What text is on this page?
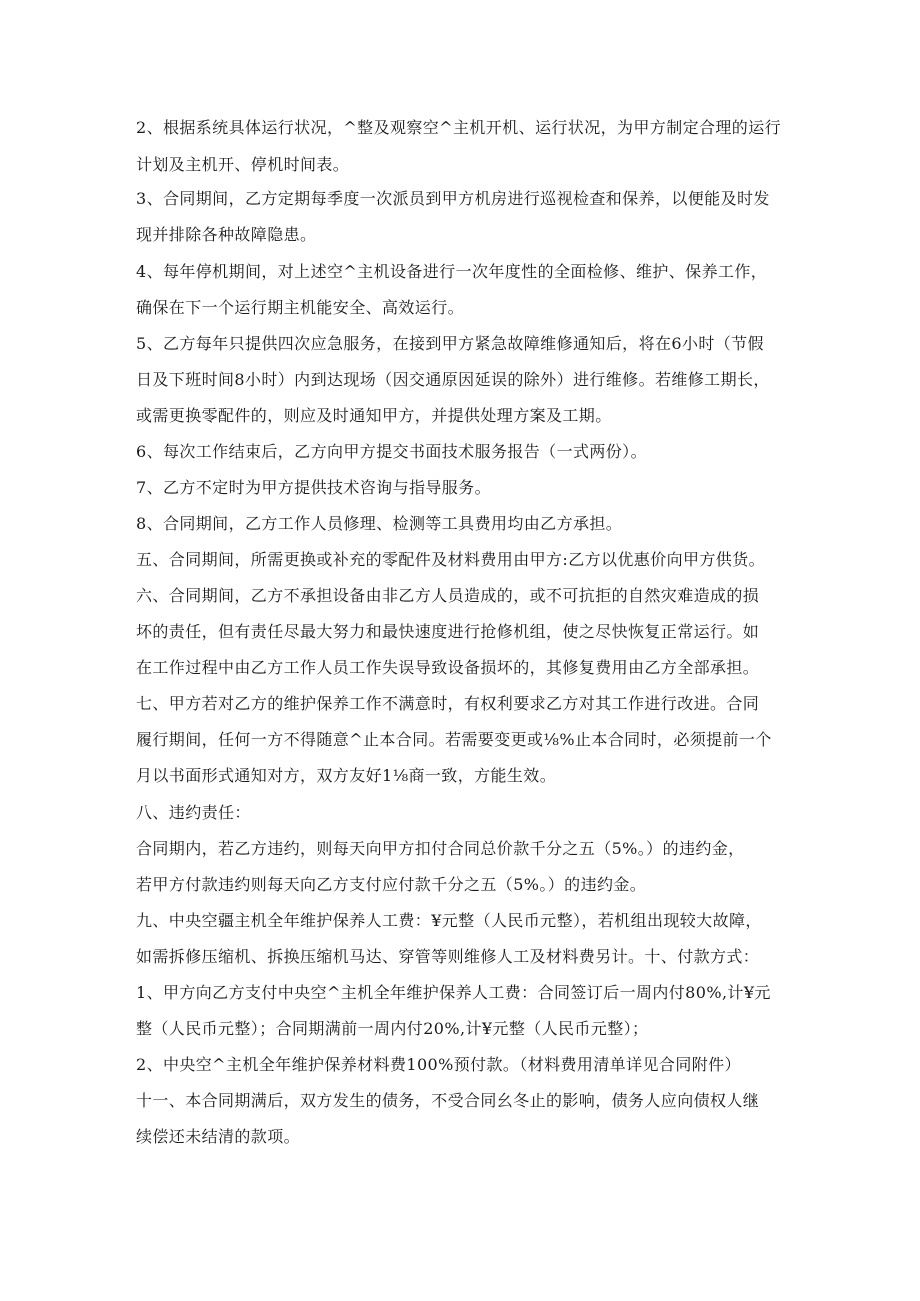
2、根据系统具体运行状况，^整及观察空^主机开机、运行状况，为甲方制定合理的运行
计划及主机开、停机时间表。
3、合同期间，乙方定期每季度一次派员到甲方机房进行巡视检查和保养，以便能及时发
现并排除各种故障隐患。
4、每年停机期间，对上述空^主机设备进行一次年度性的全面检修、维护、保养工作，
确保在下一个运行期主机能安全、高效运行。
5、乙方每年只提供四次应急服务，在接到甲方紧急故障维修通知后，将在6小时（节假
日及下班时间8小时）内到达现场（因交通原因延误的除外）进行维修。若维修工期长，
或需更换零配件的，则应及时通知甲方，并提供处理方案及工期。
6、每次工作结束后，乙方向甲方提交书面技术服务报告（一式两份）。
7、乙方不定时为甲方提供技术咨询与指导服务。
8、合同期间，乙方工作人员修理、检测等工具费用均由乙方承担。
五、合同期间，所需更换或补充的零配件及材料费用由甲方:乙方以优惠价向甲方供货。
六、合同期间，乙方不承担设备由非乙方人员造成的，或不可抗拒的自然灾难造成的损
坏的责任，但有责任尽最大努力和最快速度进行抢修机组，使之尽快恢复正常运行。如
在工作过程中由乙方工作人员工作失误导致设备损坏的，其修复费用由乙方全部承担。
七、甲方若对乙方的维护保养工作不满意时，有权利要求乙方对其工作进行改进。合同
履行期间，任何一方不得随意^止本合同。若需要变更或⅛%止本合同时，必须提前一个
月以书面形式通知对方，双方友好1⅛商一致，方能生效。
八、违约责任：
合同期内，若乙方违约，则每天向甲方扣付合同总价款千分之五（5%。）的违约金，
若甲方付款违约则每天向乙方支付应付款千分之五（5%。）的违约金。
九、中央空疆主机全年维护保养人工费：¥元整（人民币元整），若机组出现较大故障，
如需拆修压缩机、拆换压缩机马达、穿管等则维修人工及材料费另计。十、付款方式：
1、甲方向乙方支付中央空^主机全年维护保养人工费：合同签订后一周内付80%,计¥元
整（人民币元整）；合同期满前一周内付20%,计¥元整（人民币元整）；
2、中央空^主机全年维护保养材料费100%预付款。（材料费用清单详见合同附件）
十一、本合同期满后，双方发生的债务，不受合同幺冬止的影响，债务人应向债权人继
续偿还未结清的款项。
